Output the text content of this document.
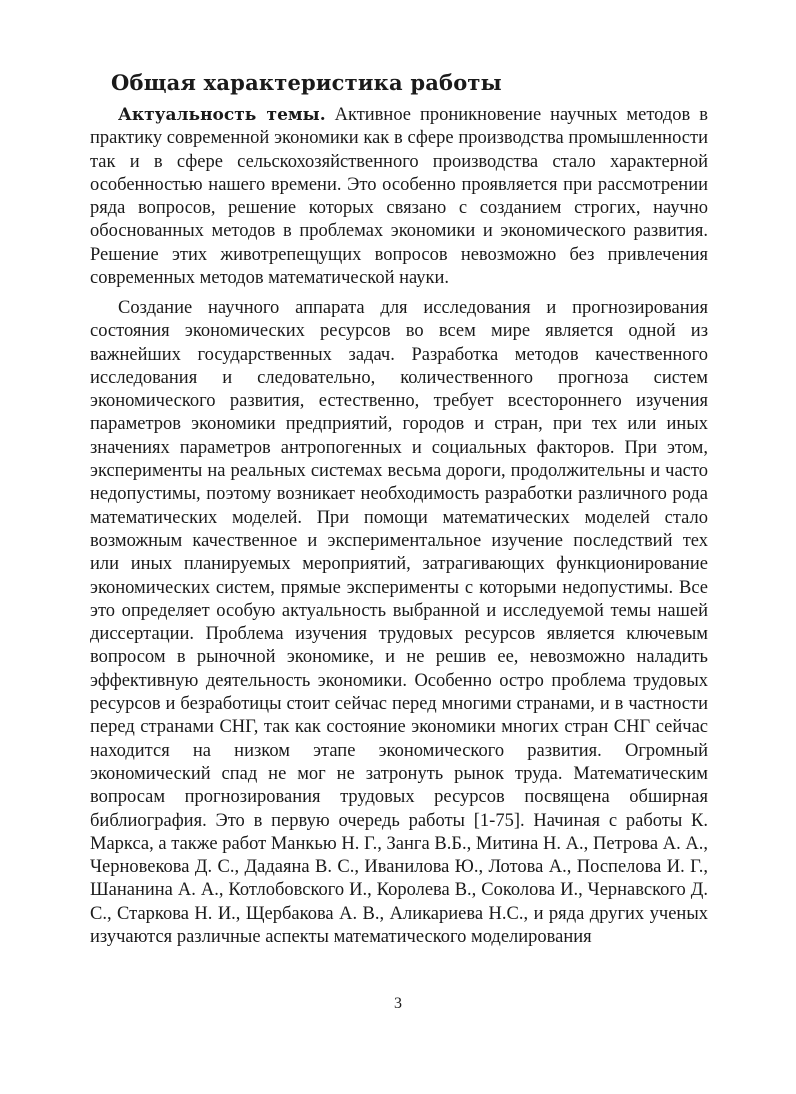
Общая характеристика работы

Актуальность темы. Активное проникновение научных методов в практику современной экономики как в сфере производства промышленности так и в сфере сельскохозяйственного производства стало характерной особенностью нашего времени. Это особенно проявляется при рассмотрении ряда вопросов, решение которых связано с созданием строгих, научно обоснованных методов в проблемах экономики и экономического развития. Решение этих животрепещущих вопросов невозможно без привлечения современных методов математической науки.

Создание научного аппарата для исследования и прогнозирования состояния экономических ресурсов во всем мире является одной из важнейших государственных задач. Разработка методов качественного исследования и следовательно, количественного прогноза систем экономического развития, естественно, требует всестороннего изучения параметров экономики предприятий, городов и стран, при тех или иных значениях параметров антропогенных и социальных факторов. При этом, эксперименты на реальных системах весьма дороги, продолжительны и часто недопустимы, поэтому возникает необходимость разработки различного рода математических моделей. При помощи математических моделей стало возможным качественное и экспериментальное изучение последствий тех или иных планируемых мероприятий, затрагивающих функционирование экономических систем, прямые эксперименты с которыми недопустимы. Все это определяет особую актуальность выбранной и исследуемой темы нашей диссертации. Проблема изучения трудовых ресурсов является ключевым вопросом в рыночной экономике, и не решив ее, невозможно наладить эффективную деятельность экономики. Особенно остро проблема трудовых ресурсов и безработицы стоит сейчас перед многими странами, и в частности перед странами СНГ, так как состояние экономики многих стран СНГ сейчас находится на низком этапе экономического развития. Огромный экономический спад не мог не затронуть рынок труда. Математическим вопросам прогнозирования трудовых ресурсов посвящена обширная библиография. Это в первую очередь работы [1-75]. Начиная с работы К. Маркса, а также работ Манкью Н. Г., Занга В.Б., Митина Н. А., Петрова А. А., Черновекова Д. С., Дадаяна В. С., Иванилова Ю., Лотова А., Поспелова И. Г., Шананина А. А., Котлобовского И., Королева В., Соколова И., Чернавского Д. С., Старкова Н. И., Щербакова А. В., Аликариева Н.С., и ряда других ученых изучаются различные аспекты математического моделирования

3
